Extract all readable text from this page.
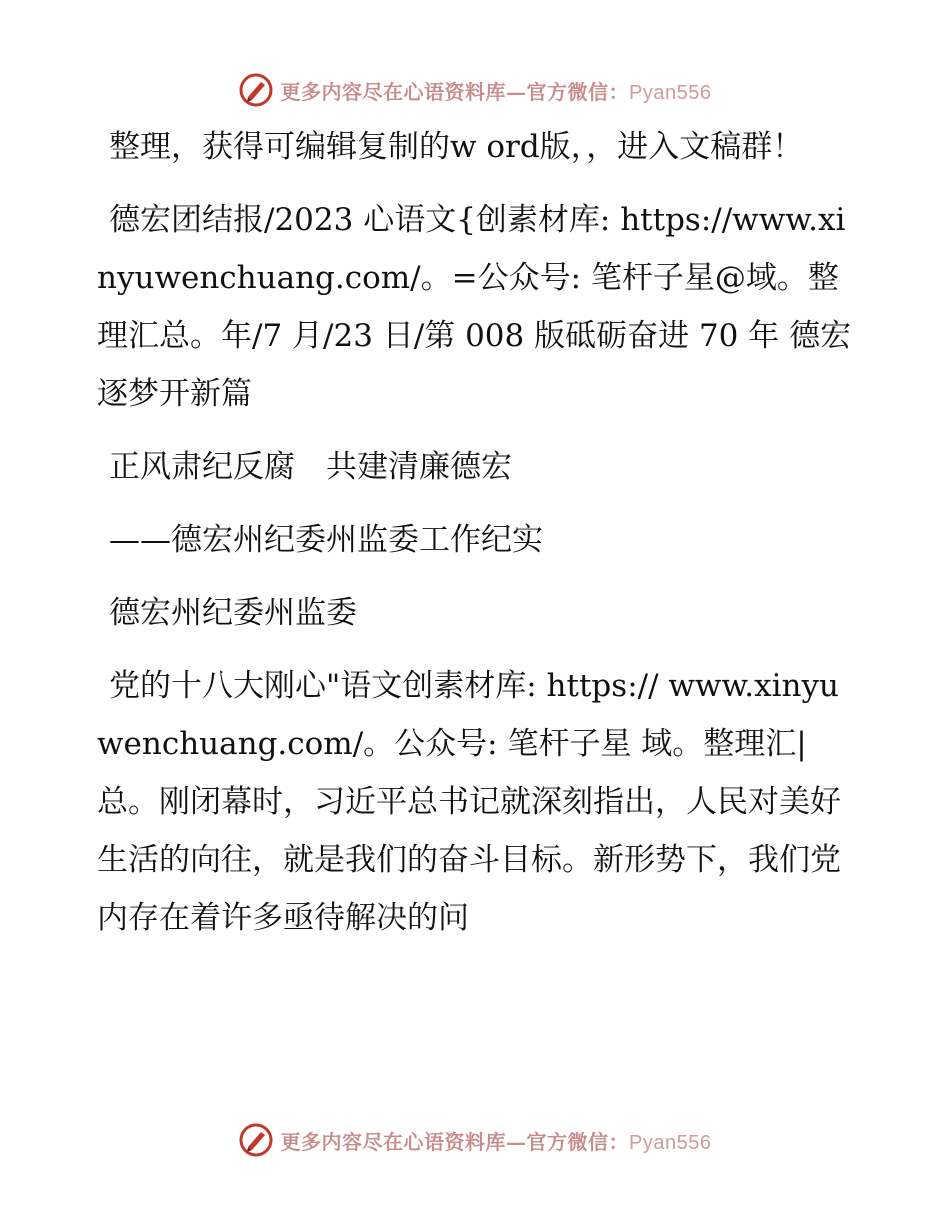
更多内容尽在心语资料库—官方微信：Pyan556

整理，获得可编辑复制的w ord版，，进入文稿群！

德宏团结报/2023 心语文{创素材库: https://www.xinyuwenchuang.com/。=公众号: 笔杆子星@域。整理汇总。年/7 月/23 日/第 008 版砥砺奋进 70 年 德宏逐梦开新篇

正风肃纪反腐　共建清廉德宏

——德宏州纪委州监委工作纪实

德宏州纪委州监委

党的十八大刚心"语文创素材库: https:// www.xinyuwenchuang.com/。公众号: 笔杆子星 域。整理汇|总。刚闭幕时，习近平总书记就深刻指出，人民对美好生活的向往，就是我们的奋斗目标。新形势下，我们党内存在着许多亟待解决的问

更多内容尽在心语资料库—官方微信：Pyan556
